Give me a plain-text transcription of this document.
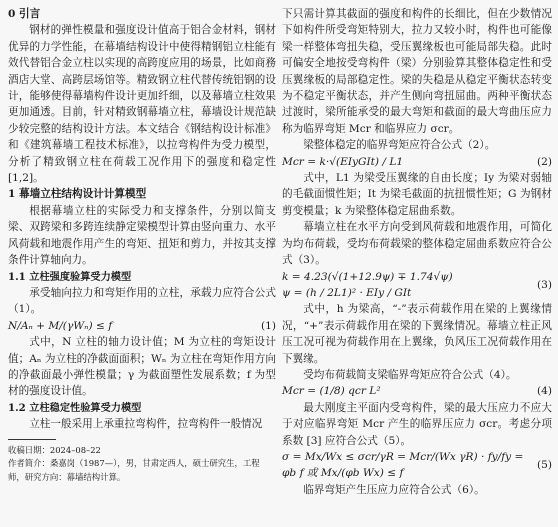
0 引言

钢材的弹性模量和强度设计值高于铝合金材料，钢材优异的力学性能，在幕墙结构设计中使得精钢铝立柱能有效代替铝合金立柱以实现的高跨度应用的场景，比如商務酒店大堂、高跨层场馆等。精致钢立柱代替传统铝钢的设计，能够使得幕墙构件设计更加纤细，以及幕墙立柱效果更加通透。目前，针对精致钢幕墙立柱，幕墙设计规范缺少较完整的结构设计方法。本文结合《钢结构设计标准》和《建筑幕墙工程技术标准》，以拉弯构件为受力模型，分析了精致钢立柱在荷载工况作用下的强度和稳定性 [1,2]。

1 幕墙立柱结构设计计算模型

根据幕墙立柱的实际受力和支撑条件，分别以简支梁、双跨梁和多跨连续静定梁模型计算由竖向重力、水平风荷载和地震作用产生的弯矩、扭矩和剪力，并按其支撑条件计算轴向力。

1.1 立柱强度验算受力模型

承受轴向拉力和弯矩作用的立柱，承载力应符合公式（1）。

N/Aₙ + M/(γWₙ) ≤ f	(1)

式中，N 立柱的轴力设计值；M 为立柱的弯矩设计值；Aₙ 为立柱的净截面面积；Wₙ 为立柱在弯矩作用方向的净截面最小弹性模量；γ 为截面塑性发展系数；f 为型材的强度设计值。

1.2 立柱稳定性验算受力模型

立柱一般采用上承重拉弯构件，拉弯构件一般情况

收稿日期：2024–08–22

作者简介：桑嘉岗（1987—），男，甘肃定西人，硕士研究生，工程师，研究方向：幕墙结构计算。

下只需计算其截面的强度和构件的长细比，但在少数情况下如构件所受弯矩特别大，拉力又较小时，构件也可能像梁一样整体弯扭失稳，受压翼缘板也可能局部失稳。此时可偏安全地按受弯构件（梁）分别验算其整体稳定性和受压翼缘板的局部稳定性。梁的失稳是从稳定平衡状态转变为不稳定平衡状态，并产生侧向弯扭屈曲。两种平衡状态过渡时，梁所能承受的最大弯矩和截面的最大弯曲压应力称为临界弯矩 Mcr 和临界应力 σcr。

梁整体稳定的临界弯矩应符合公式（2）。

Mcr = k·√(EIyGIt) / L1	(2)

式中，L1 为梁受压翼缘的自由长度；Iy 为梁对弱轴的毛截面惯性矩；It 为梁毛截面的抗扭惯性矩；G 为钢材剪变模量；k 为梁整体稳定屈曲系数。

幕墙立柱在水平方向受到风荷载和地震作用，可简化为均布荷载，受均布荷载梁的整体稳定屈曲系数应符合公式（3）。

k = 4.23(√(1+12.9ψ) ∓ 1.74√ψ)
ψ = (h / 2L1)² · EIy / GIt
(3)

式中，h 为梁高，“-”表示荷载作用在梁的上翼缘情况，“+”表示荷载作用在梁的下翼缘情况。幕墙立柱正风压工况可视为荷载作用在上翼缘，负风压工况荷载作用在下翼缘。

受均布荷载简支梁临界弯矩应符合公式（4）。

Mcr = (1/8) qcr L²	(4)

最大刚度主平面内受弯构件，梁的最大压应力不应大于对应临界弯矩 Mcr 产生的临界压应力 σcr。考虑分项系数 [3] 应符合公式（5）。

σ = Mx/Wx ≤ σcr/γR = Mcr/(Wx γR) · fy/fy = φb f 或 Mx/(φb Wx) ≤ f
(5)

临界弯矩产生压应力应符合公式（6）。
